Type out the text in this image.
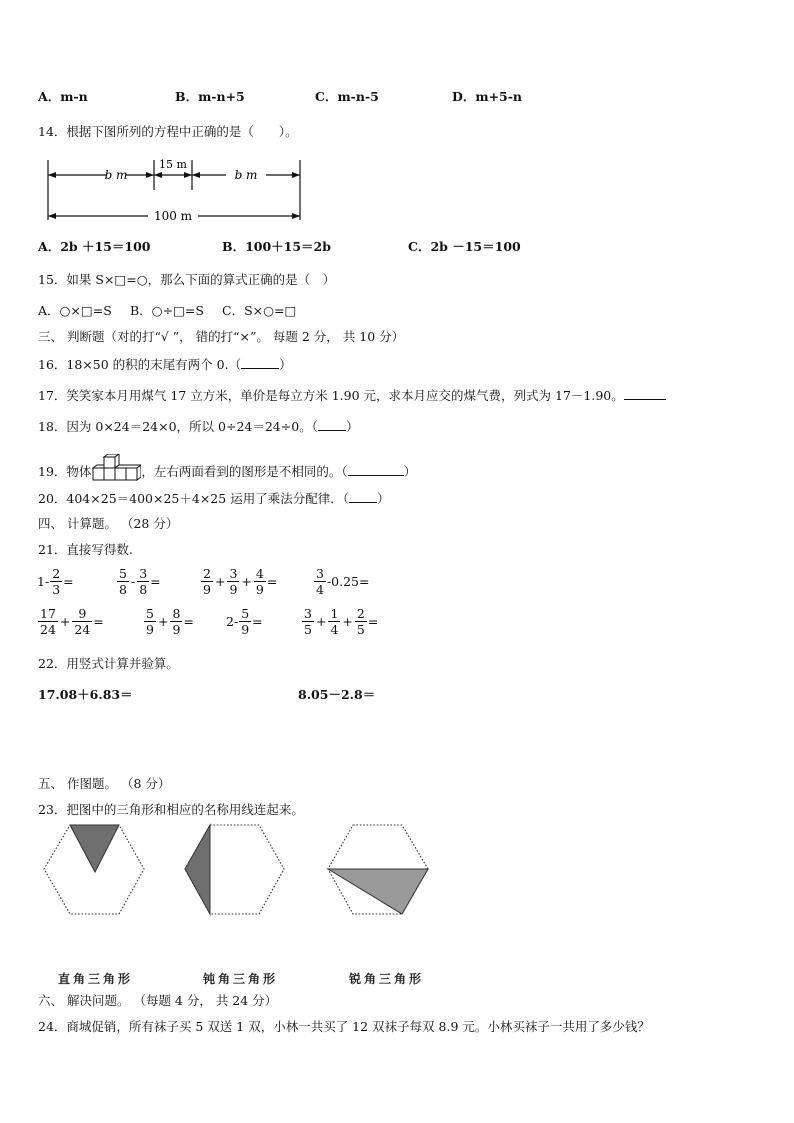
A．m-n	B．m-n+5	C．m-n-5	D．m+5-n
14．根据下图所列的方程中正确的是（　　）。
b m
15 m
b m
100 m
A．2b ＋15＝100	B．100＋15＝2b	C．2b －15＝100
15．如果 S×□=○，那么下面的算式正确的是（　）
A．○×□=S B．○÷□=S C．S×○=□
三、 判断题（对的打“√ ”， 错的打“×”。 每题 2 分， 共 10 分）
16．18×50 的积的末尾有两个 0.（	）
17．笑笑家本月用煤气 17 立方米，单价是每立方米 1.90 元，求本月应交的煤气费，列式为 17－1.90。
18．因为 0×24＝24×0，所以 0÷24＝24÷0。（ ）
19．物体	，左右两面看到的图形是不相同的。（	）
20．404×25＝400×25＋4×25 运用了乘法分配律．（ ）
四、 计算题。 （28 分）
21．直接写得数.
$1- \frac{2}{3}$ =	$\frac{5}{8} - \frac{3}{8}$ =	$\frac{2}{9} + \frac{3}{9} + \frac{4}{9}$ =	$\frac{3}{4} -0.25=$
$\frac{17}{24} + \frac{9}{24}$ =	$\frac{5}{9} + \frac{8}{9}$ =	$2- \frac{5}{9}$ =	$\frac{3}{5} + \frac{1}{4} + \frac{2}{5}$ =
22．用竖式计算并验算。
17.08＋6.83＝	8.05－2.8＝
五、 作图题。 （8 分）
23．把图中的三角形和相应的名称用线连起来。
直角三角形	钝角三角形	锐角三角形
六、 解决问题。 （每题 4 分， 共 24 分）
24．商城促销，所有袜子买 5 双送 1 双，小林一共买了 12 双袜子每双 8.9 元。小林买袜子一共用了多少钱？
